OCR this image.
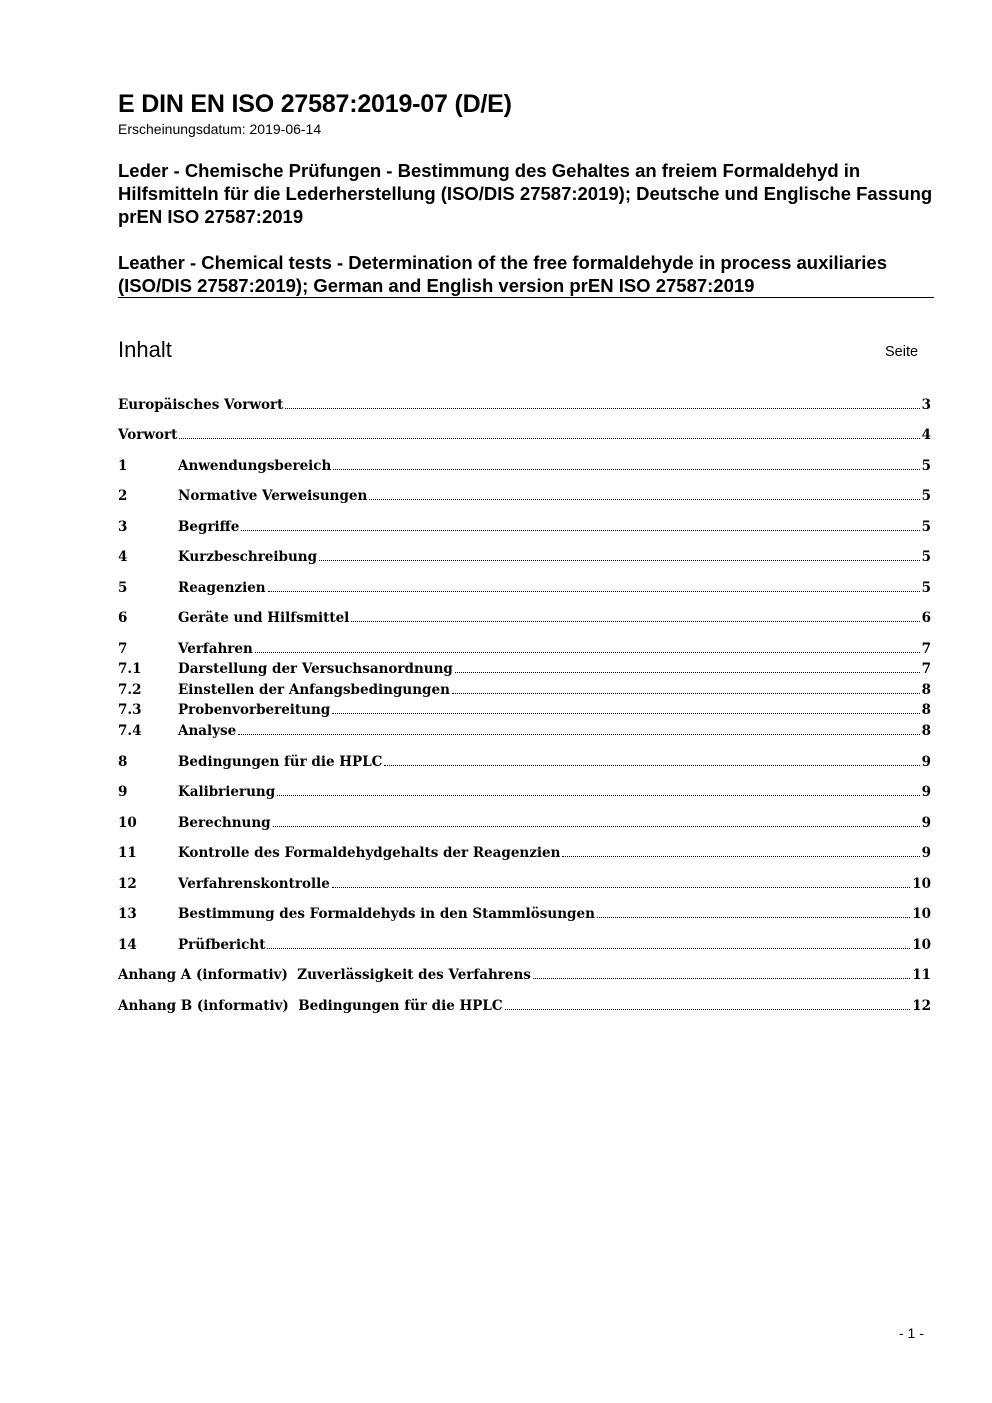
E DIN EN ISO 27587:2019-07 (D/E)
Erscheinungsdatum: 2019-06-14
Leder - Chemische Prüfungen - Bestimmung des Gehaltes an freiem Formaldehyd in Hilfsmitteln für die Lederherstellung (ISO/DIS 27587:2019); Deutsche und Englische Fassung prEN ISO 27587:2019
Leather - Chemical tests - Determination of the free formaldehyde in process auxiliaries (ISO/DIS 27587:2019); German and English version prEN ISO 27587:2019
Inhalt	Seite
Europäisches Vorwort	3
Vorwort	4
1	Anwendungsbereich	5
2	Normative Verweisungen	5
3	Begriffe	5
4	Kurzbeschreibung	5
5	Reagenzien	5
6	Geräte und Hilfsmittel	6
7	Verfahren	7
7.1	Darstellung der Versuchsanordnung	7
7.2	Einstellen der Anfangsbedingungen	8
7.3	Probenvorbereitung	8
7.4	Analyse	8
8	Bedingungen für die HPLC	9
9	Kalibrierung	9
10	Berechnung	9
11	Kontrolle des Formaldehydgehalts der Reagenzien	9
12	Verfahrenskontrolle	10
13	Bestimmung des Formaldehyds in den Stammlösungen	10
14	Prüfbericht	10
Anhang A (informativ)  Zuverlässigkeit des Verfahrens	11
Anhang B (informativ)  Bedingungen für die HPLC	12
- 1 -
